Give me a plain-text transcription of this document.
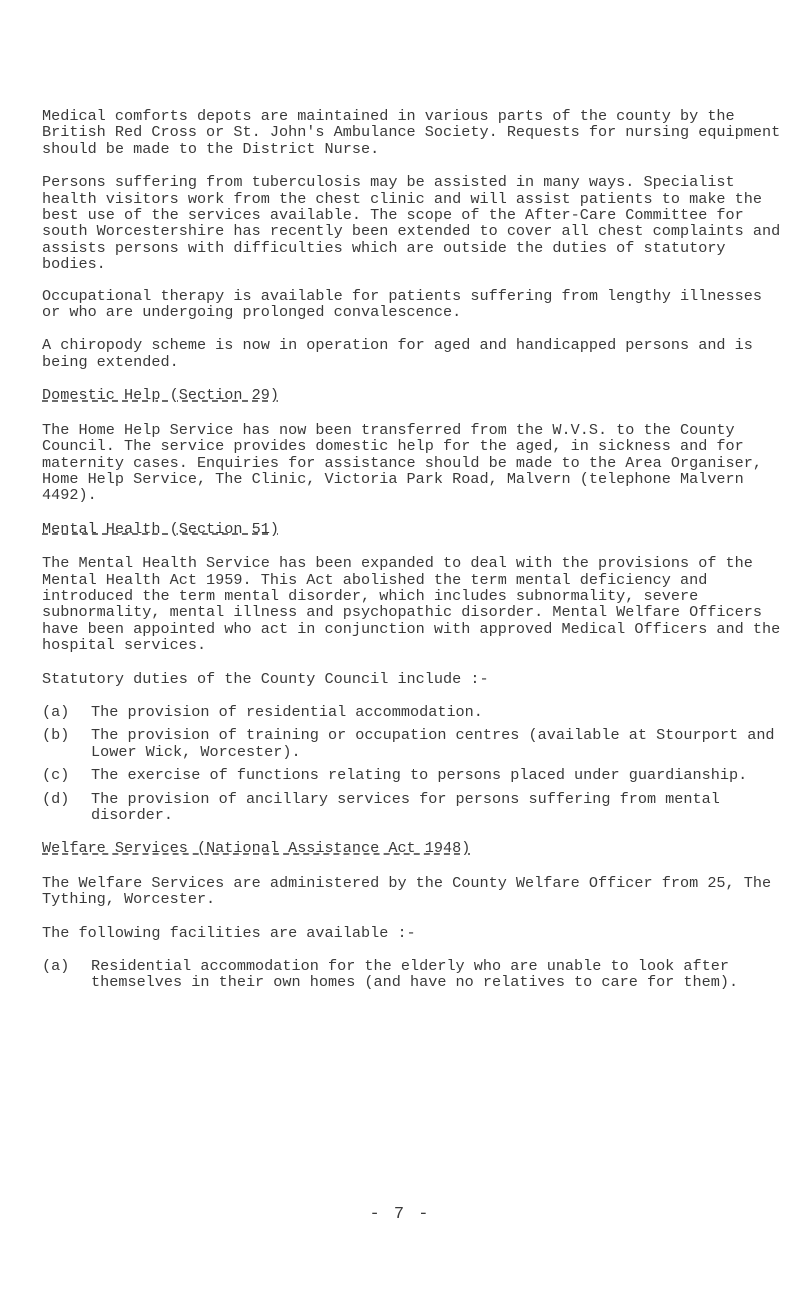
Medical comforts depots are maintained in various parts of the county by the British Red Cross or St. John's Ambulance Society. Requests for nursing equipment should be made to the District Nurse.

Persons suffering from tuberculosis may be assisted in many ways. Specialist health visitors work from the chest clinic and will assist patients to make the best use of the services available. The scope of the After-Care Committee for south Worcestershire has recently been extended to cover all chest complaints and assists persons with difficulties which are outside the duties of statutory bodies.

Occupational therapy is available for patients suffering from lengthy illnesses or who are undergoing prolonged convalescence.

A chiropody scheme is now in operation for aged and handicapped persons and is being extended.

Domestic Help (Section 29)

The Home Help Service has now been transferred from the W.V.S. to the County Council. The service provides domestic help for the aged, in sickness and for maternity cases. Enquiries for assistance should be made to the Area Organiser, Home Help Service, The Clinic, Victoria Park Road, Malvern (telephone Malvern 4492).

Mental Health (Section 51)

The Mental Health Service has been expanded to deal with the provisions of the Mental Health Act 1959. This Act abolished the term mental deficiency and introduced the term mental disorder, which includes subnormality, severe subnormality, mental illness and psychopathic disorder. Mental Welfare Officers have been appointed who act in conjunction with approved Medical Officers and the hospital services.

Statutory duties of the County Council include :-

(a)	The provision of residential accommodation.
(b)	The provision of training or occupation centres (available at Stourport and Lower Wick, Worcester).
(c)	The exercise of functions relating to persons placed under guardianship.
(d)	The provision of ancillary services for persons suffering from mental disorder.

Welfare Services (National Assistance Act 1948)

The Welfare Services are administered by the County Welfare Officer from 25, The Tything, Worcester.

The following facilities are available :-

(a)	Residential accommodation for the elderly who are unable to look after themselves in their own homes (and have no relatives to care for them).
- 7 -
